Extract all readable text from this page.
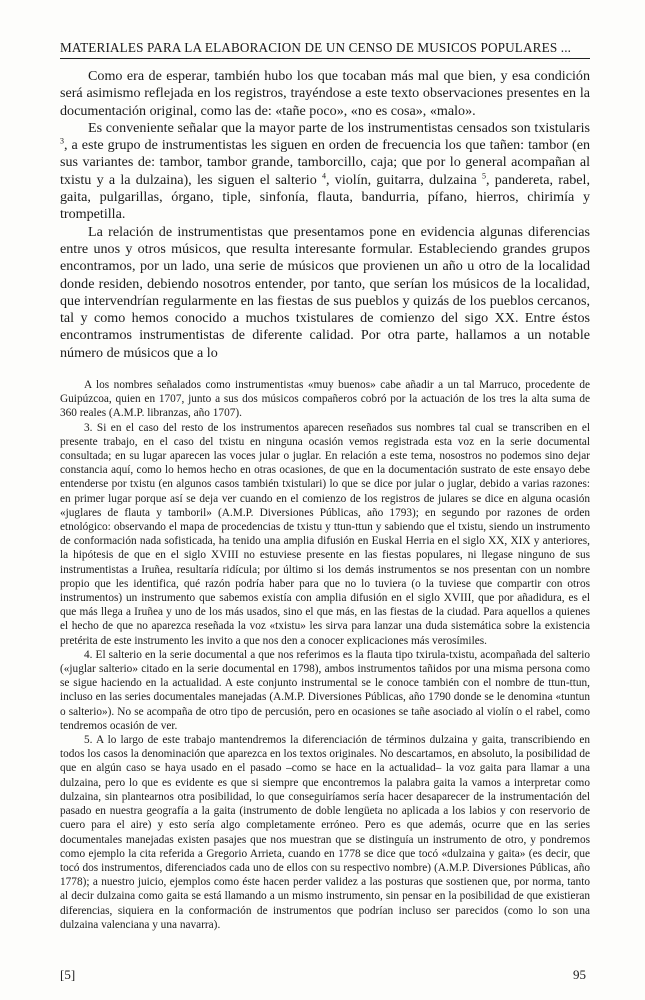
MATERIALES PARA LA ELABORACION DE UN CENSO DE MUSICOS POPULARES ...

Como era de esperar, también hubo los que tocaban más mal que bien, y esa condición será asimismo reflejada en los registros, trayéndose a este texto observaciones presentes en la documentación original, como las de: «tañe poco», «no es cosa», «malo».

Es conveniente señalar que la mayor parte de los instrumentistas censados son txistularis $^3$, a este grupo de instrumentistas les siguen en orden de frecuencia los que tañen: tambor (en sus variantes de: tambor, tambor grande, tamborcillo, caja; que por lo general acompañan al txistu y a la dulzaina), les siguen el salterio $^4$, violín, guitarra, dulzaina $^5$, pandereta, rabel, gaita, pulgarillas, órgano, tiple, sinfonía, flauta, bandurria, pífano, hierros, chirimía y trompetilla.

La relación de instrumentistas que presentamos pone en evidencia algunas diferencias entre unos y otros músicos, que resulta interesante formular. Estableciendo grandes grupos encontramos, por un lado, una serie de músicos que provienen un año u otro de la localidad donde residen, debiendo nosotros entender, por tanto, que serían los músicos de la localidad, que intervendrían regularmente en las fiestas de sus pueblos y quizás de los pueblos cercanos, tal y como hemos conocido a muchos txistulares de comienzo del sigo XX. Entre éstos encontramos instrumentistas de diferente calidad. Por otra parte, hallamos a un notable número de músicos que a lo

A los nombres señalados como instrumentistas «muy buenos» cabe añadir a un tal Marruco, procedente de Guipúzcoa, quien en 1707, junto a sus dos músicos compañeros cobró por la actuación de los tres la alta suma de 360 reales (A.M.P. libranzas, año 1707).

3. Si en el caso del resto de los instrumentos aparecen reseñados sus nombres tal cual se transcriben en el presente trabajo, en el caso del txistu en ninguna ocasión vemos registrada esta voz en la serie documental consultada; en su lugar aparecen las voces jular o juglar. En relación a este tema, nosostros no podemos sino dejar constancia aquí, como lo hemos hecho en otras ocasiones, de que en la documentación sustrato de este ensayo debe entenderse por txistu (en algunos casos también txistulari) lo que se dice por jular o juglar, debido a varias razones: en primer lugar porque así se deja ver cuando en el comienzo de los registros de julares se dice en alguna ocasión «juglares de flauta y tamboril» (A.M.P. Diversiones Públicas, año 1793); en segundo por razones de orden etnológico: observando el mapa de procedencias de txistu y ttun-ttun y sabiendo que el txistu, siendo un instrumento de conformación nada sofisticada, ha tenido una amplia difusión en Euskal Herria en el siglo XX, XIX y anteriores, la hipótesis de que en el siglo XVIII no estuviese presente en las fiestas populares, ni llegase ninguno de sus instrumentistas a Iruñea, resultaría ridícula; por último si los demás instrumentos se nos presentan con un nombre propio que les identifica, qué razón podría haber para que no lo tuviera (o la tuviese que compartir con otros instrumentos) un instrumento que sabemos existía con amplia difusión en el siglo XVIII, que por añadidura, es el que más llega a Iruñea y uno de los más usados, sino el que más, en las fiestas de la ciudad. Para aquellos a quienes el hecho de que no aparezca reseñada la voz «txistu» les sirva para lanzar una duda sistemática sobre la existencia pretérita de este instrumento les invito a que nos den a conocer explicaciones más verosímiles.

4. El salterio en la serie documental a que nos referimos es la flauta tipo txirula-txistu, acompañada del salterio («juglar salterio» citado en la serie documental en 1798), ambos instrumentos tañidos por una misma persona como se sigue haciendo en la actualidad. A este conjunto instrumental se le conoce también con el nombre de ttun-ttun, incluso en las series documentales manejadas (A.M.P. Diversiones Públicas, año 1790 donde se le denomina «tuntun o salterio»). No se acompaña de otro tipo de percusión, pero en ocasiones se tañe asociado al violín o el rabel, como tendremos ocasión de ver.

5. A lo largo de este trabajo mantendremos la diferenciación de términos dulzaina y gaita, transcribiendo en todos los casos la denominación que aparezca en los textos originales. No descartamos, en absoluto, la posibilidad de que en algún caso se haya usado en el pasado –como se hace en la actualidad– la voz gaita para llamar a una dulzaina, pero lo que es evidente es que si siempre que encontremos la palabra gaita la vamos a interpretar como dulzaina, sin plantearnos otra posibilidad, lo que conseguiríamos sería hacer desaparecer de la instrumentación del pasado en nuestra geografía a la gaita (instrumento de doble lengüeta no aplicada a los labios y con reservorio de cuero para el aire) y esto sería algo completamente erróneo. Pero es que además, ocurre que en las series documentales manejadas existen pasajes que nos muestran que se distinguía un instrumento de otro, y pondremos como ejemplo la cita referida a Gregorio Arrieta, cuando en 1778 se dice que tocó «dulzaina y gaita» (es decir, que tocó dos instrumentos, diferenciados cada uno de ellos con su respectivo nombre) (A.M.P. Diversiones Públicas, año 1778); a nuestro juicio, ejemplos como éste hacen perder validez a las posturas que sostienen que, por norma, tanto al decir dulzaina como gaita se está llamando a un mismo instrumento, sin pensar en la posibilidad de que existieran diferencias, siquiera en la conformación de instrumentos que podrían incluso ser parecidos (como lo son una dulzaina valenciana y una navarra).

[5]	95
